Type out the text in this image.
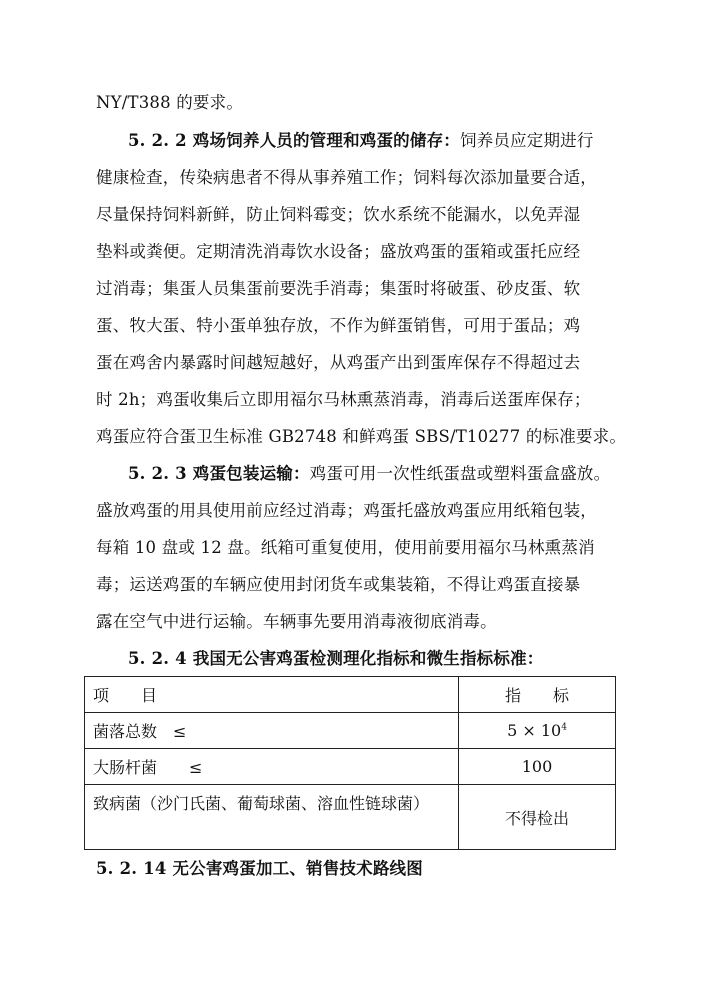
NY/T388 的要求。
5. 2. 2 鸡场饲养人员的管理和鸡蛋的储存：饲养员应定期进行
健康检查，传染病患者不得从事养殖工作；饲料每次添加量要合适，
尽量保持饲料新鲜，防止饲料霉变；饮水系统不能漏水，以免弄湿
垫料或粪便。定期清洗消毒饮水设备；盛放鸡蛋的蛋箱或蛋托应经
过消毒；集蛋人员集蛋前要洗手消毒；集蛋时将破蛋、砂皮蛋、软
蛋、牧大蛋、特小蛋单独存放，不作为鲜蛋销售，可用于蛋品；鸡
蛋在鸡舍内暴露时间越短越好，从鸡蛋产出到蛋库保存不得超过去
时 2h；鸡蛋收集后立即用福尔马林熏蒸消毒，消毒后送蛋库保存；
鸡蛋应符合蛋卫生标准 GB2748 和鲜鸡蛋 SBS/T10277 的标准要求。
5. 2. 3 鸡蛋包装运输：鸡蛋可用一次性纸蛋盘或塑料蛋盒盛放。
盛放鸡蛋的用具使用前应经过消毒；鸡蛋托盛放鸡蛋应用纸箱包装，
每箱 10 盘或 12 盘。纸箱可重复使用，使用前要用福尔马林熏蒸消
毒；运送鸡蛋的车辆应使用封闭货车或集装箱，不得让鸡蛋直接暴
露在空气中进行运输。车辆事先要用消毒液彻底消毒。
5. 2. 4 我国无公害鸡蛋检测理化指标和微生指标标准：
项　　目	指　　标
菌落总数　≤	$5 \times 10^4$
大肠杆菌　　≤	100
致病菌（沙门氏菌、葡萄球菌、溶血性链球菌）	不得检出
5. 2. 14 无公害鸡蛋加工、销售技术路线图
